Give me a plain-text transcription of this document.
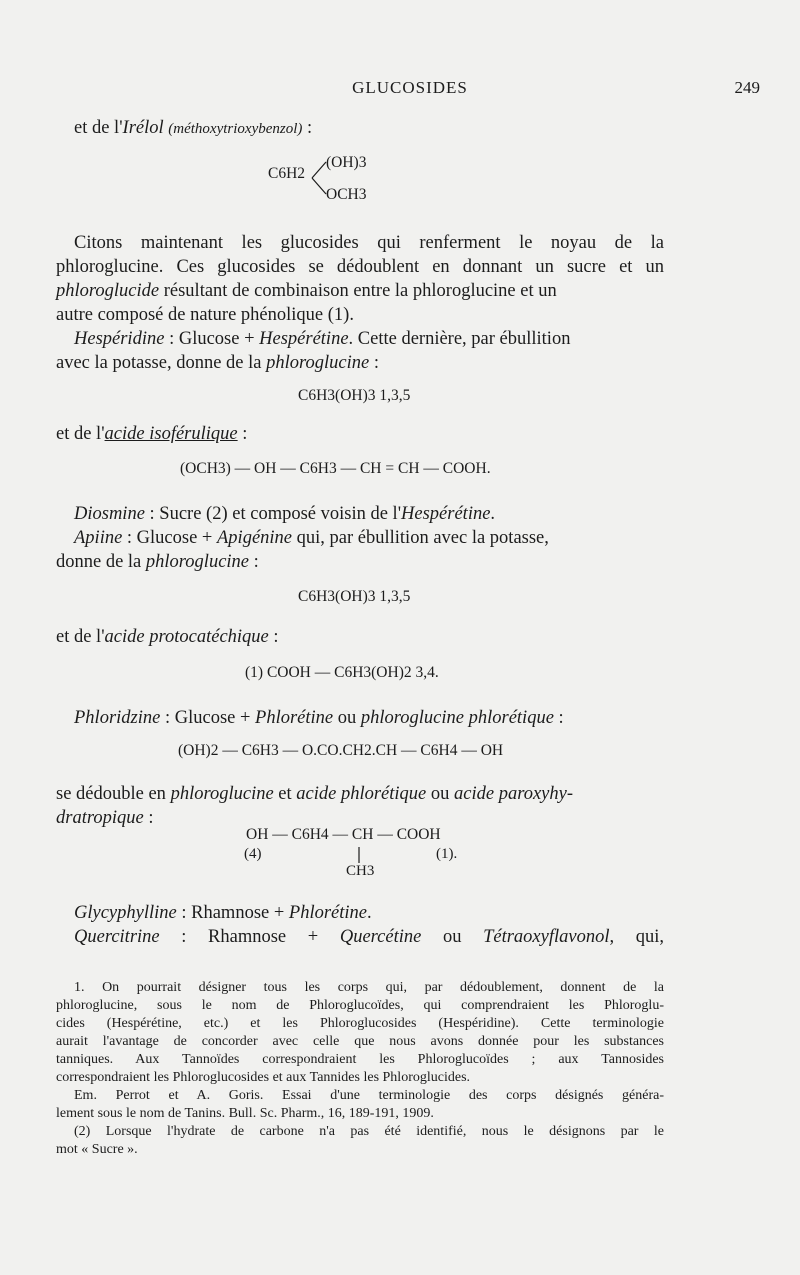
GLUCOSIDES	249
et de l'Irélol (méthoxytrioxybenzol) :
C6H2
(OH)3
OCH3
Citons maintenant les glucosides qui renferment le noyau de la
phloroglucine. Ces glucosides se dédoublent en donnant un sucre et un
phloroglucide résultant de combinaison entre la phloroglucine et un
autre composé de nature phénolique (1).
Hespéridine : Glucose + Hespérétine. Cette dernière, par ébullition
avec la potasse, donne de la phloroglucine :
C6H3(OH)3 1,3,5
et de l'acide isoférulique :
(OCH3) — OH — C6H3 — CH = CH — COOH.
Diosmine : Sucre (2) et composé voisin de l'Hespérétine.
Apiine : Glucose + Apigénine qui, par ébullition avec la potasse,
donne de la phloroglucine :
C6H3(OH)3 1,3,5
et de l'acide protocatéchique :
(1) COOH — C6H3(OH)2 3,4.
Phloridzine : Glucose + Phlorétine ou phloroglucine phlorétique :
(OH)2 — C6H3 — O.CO.CH2.CH — C6H4 — OH
se dédouble en phloroglucine et acide phlorétique ou acide paroxyhy-
dratropique :
OH — C6H4 — CH — COOH
(4)	(1).
CH3
Glycyphylline : Rhamnose + Phlorétine.
Quercitrine : Rhamnose + Quercétine ou Tétraoxyflavonol, qui,
1. On pourrait désigner tous les corps qui, par dédoublement, donnent de la
phloroglucine, sous le nom de Phloroglucoïdes, qui comprendraient les Phloroglu-
cides (Hespérétine, etc.) et les Phloroglucosides (Hespéridine). Cette terminologie
aurait l'avantage de concorder avec celle que nous avons donnée pour les substances
tanniques. Aux Tannoïdes correspondraient les Phloroglucoïdes ; aux Tannosides
correspondraient les Phloroglucosides et aux Tannides les Phloroglucides.
Em. Perrot et A. Goris. Essai d'une terminologie des corps désignés généra-
lement sous le nom de Tanins. Bull. Sc. Pharm., 16, 189-191, 1909.
(2) Lorsque l'hydrate de carbone n'a pas été identifié, nous le désignons par le
mot « Sucre ».
